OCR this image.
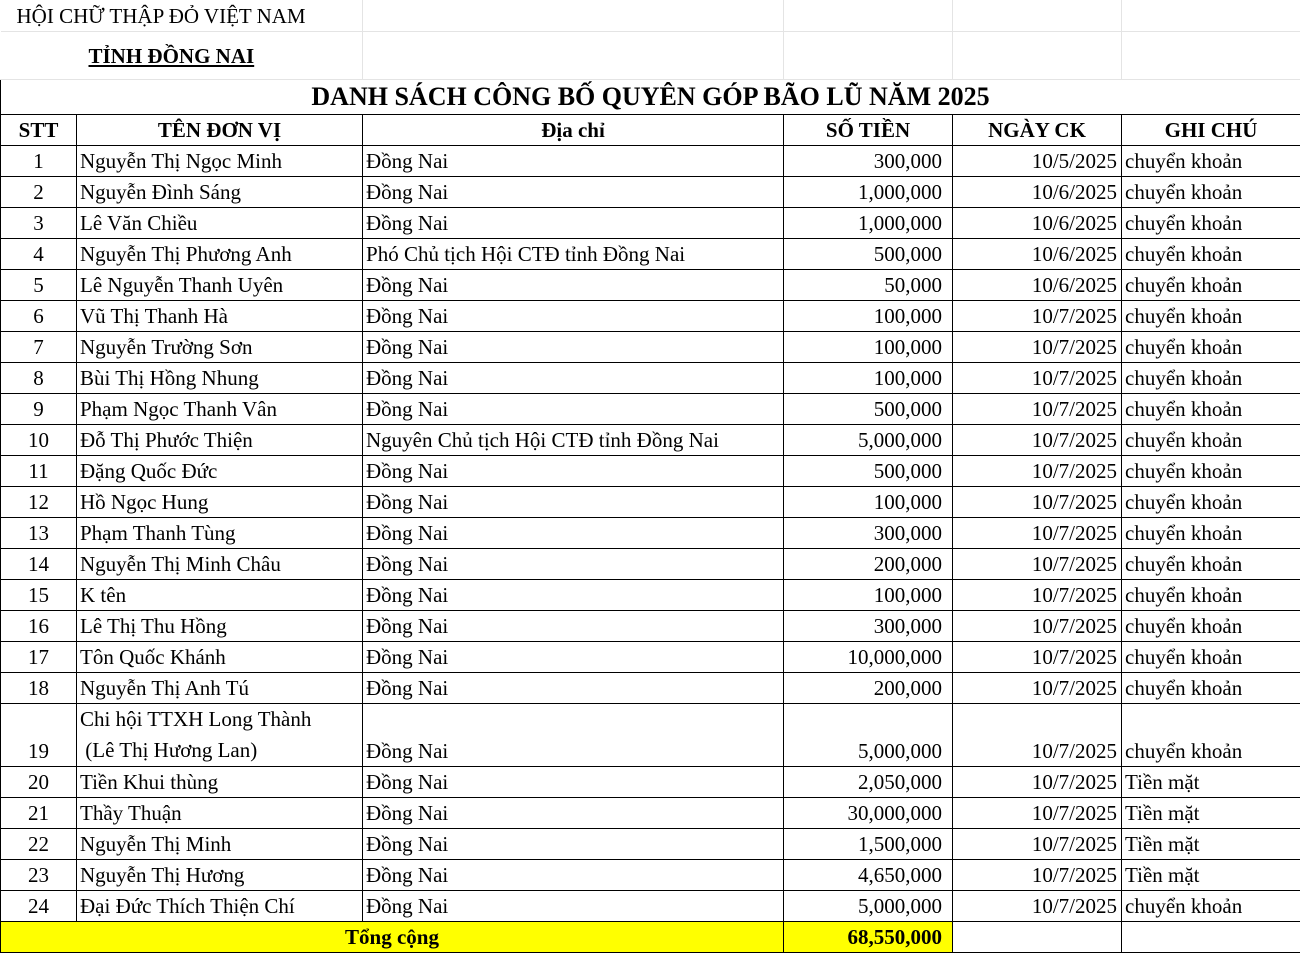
HỘI CHỮ THẬP ĐỎ VIỆT NAM					
TỈNH ĐỒNG NAI					
DANH SÁCH CÔNG BỐ QUYÊN GÓP BÃO LŨ NĂM 2025					
STT	TÊN ĐƠN VỊ	Địa chỉ	SỐ TIỀN	NGÀY CK	GHI CHÚ
1	Nguyễn Thị Ngọc Minh	Đồng Nai	300,000	10/5/2025	chuyển khoản
2	Nguyễn Đình Sáng	Đồng Nai	1,000,000	10/6/2025	chuyển khoản
3	Lê Văn Chiều	Đồng Nai	1,000,000	10/6/2025	chuyển khoản
4	Nguyễn Thị Phương Anh	Phó Chủ tịch Hội CTĐ tỉnh Đồng Nai	500,000	10/6/2025	chuyển khoản
5	Lê Nguyễn Thanh Uyên	Đồng Nai	50,000	10/6/2025	chuyển khoản
6	Vũ Thị Thanh Hà	Đồng Nai	100,000	10/7/2025	chuyển khoản
7	Nguyễn Trường Sơn	Đồng Nai	100,000	10/7/2025	chuyển khoản
8	Bùi Thị Hồng Nhung	Đồng Nai	100,000	10/7/2025	chuyển khoản
9	Phạm Ngọc Thanh Vân	Đồng Nai	500,000	10/7/2025	chuyển khoản
10	Đỗ Thị Phước Thiện	Nguyên Chủ tịch Hội CTĐ tỉnh Đồng Nai	5,000,000	10/7/2025	chuyển khoản
11	Đặng Quốc Đức	Đồng Nai	500,000	10/7/2025	chuyển khoản
12	Hồ Ngọc Hung	Đồng Nai	100,000	10/7/2025	chuyển khoản
13	Phạm Thanh Tùng	Đồng Nai	300,000	10/7/2025	chuyển khoản
14	Nguyễn Thị Minh Châu	Đồng Nai	200,000	10/7/2025	chuyển khoản
15	K tên	Đồng Nai	100,000	10/7/2025	chuyển khoản
16	Lê Thị Thu Hồng	Đồng Nai	300,000	10/7/2025	chuyển khoản
17	Tôn Quốc Khánh	Đồng Nai	10,000,000	10/7/2025	chuyển khoản
18	Nguyễn Thị Anh Tú	Đồng Nai	200,000	10/7/2025	chuyển khoản
19	Chi hội TTXH Long Thành
(Lê Thị Hương Lan)	Đồng Nai	5,000,000	10/7/2025	chuyển khoản
20	Tiền Khui thùng	Đồng Nai	2,050,000	10/7/2025	Tiền mặt
21	Thầy Thuận	Đồng Nai	30,000,000	10/7/2025	Tiền mặt
22	Nguyễn Thị Minh	Đồng Nai	1,500,000	10/7/2025	Tiền mặt
23	Nguyễn Thị Hương	Đồng Nai	4,650,000	10/7/2025	Tiền mặt
24	Đại Đức Thích Thiện Chí	Đồng Nai	5,000,000	10/7/2025	chuyển khoản
Tổng cộng			68,550,000		
